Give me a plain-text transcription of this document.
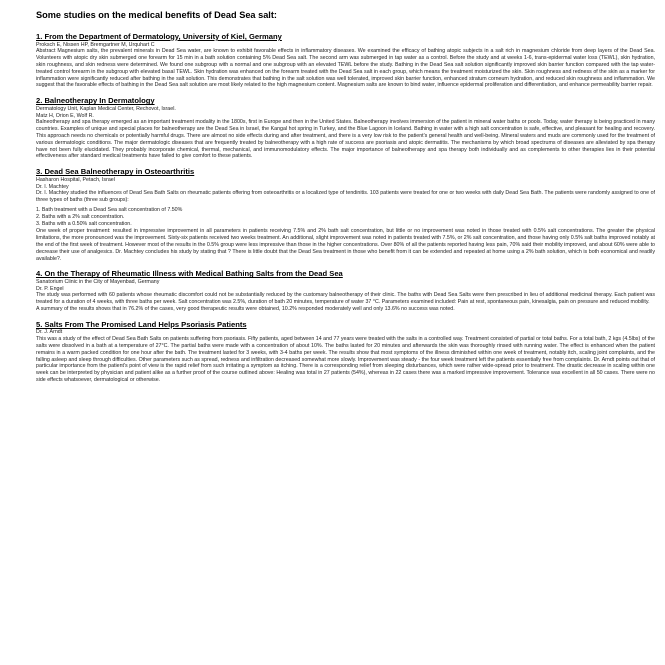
Some studies on the medical benefits of Dead Sea salt:
1. From the Department of Dermatology, University of Kiel, Germany
Proksch E, Nissen HP, Bremgartner M, Urquhart C
Abstract Magnesium salts, the prevalent minerals in Dead Sea water, are known to exhibit favorable effects in inflammatory diseases. We examined the efficacy of bathing atopic subjects in a salt rich in magnesium chloride from deep layers of the Dead Sea. Volunteers with atopic dry skin submerged one forearm for 15 min in a bath solution containing 5% Dead Sea salt. The second arm was submerged in tap water as a control. Before the study and at weeks 1-6, trans-epidermal water loss (TEWL), skin hydration, skin roughness, and skin redness were determined. We found one subgroup with a normal and one subgroup with an elevated TEWL before the study. Bathing in the Dead Sea salt solution significantly improved skin barrier function compared with the tap water-treated control forearm in the subgroup with elevated basal TEWL. Skin hydration was enhanced on the forearm treated with the Dead Sea salt in each group, which means the treatment moisturized the skin. Skin roughness and redness of the skin as a marker for inflammation were significantly reduced after bathing in the salt solution. This demonstrates that bathing in the salt solution was well tolerated, improved skin barrier function, enhanced stratum corneum hydration, and reduced skin roughness and inflammation. We suggest that the favorable effects of bathing in the Dead Sea salt solution are most likely related to the high magnesium content. Magnesium salts are known to bind water, influence epidermal proliferation and differentiation, and enhance permeability barrier repair.
2. Balneotherapy In Dermatology
Dermatology Unit, Kaplan Medical Center, Rechovot, Israel.
Matz H, Orion E, Wolf R.
Balneotherapy and spa therapy emerged as an important treatment modality in the 1800s, first in Europe and then in the United States. Balneotherapy involves immersion of the patient in mineral water baths or pools. Today, water therapy is being practiced in many countries. Examples of unique and special places for balneotherapy are the Dead Sea in Israel, the Kangal hot spring in Turkey, and the Blue Lagoon in Iceland. Bathing in water with a high salt concentration is safe, effective, and pleasant for healing and recovery. This approach needs no chemicals or potentially harmful drugs. There are almost no side effects during and after treatment, and there is a very low risk to the patient's general health and well-being. Mineral waters and muds are commonly used for the treatment of various dermatologic conditions. The major dermatologic diseases that are frequently treated by balneotherapy with a high rate of success are psoriasis and atopic dermatitis. The mechanisms by which broad spectrums of diseases are alleviated by spa therapy have not been fully elucidated. They probably incorporate chemical, thermal, mechanical, and immunomodulatory effects. The major importance of balneotherapy and spa therapy both individually and as complements to other therapies lies in their potential effectiveness after standard medical treatments have failed to give comfort to these patients.
3. Dead Sea Balneotherapy in Osteoarthritis
Hasharon Hospital, Petach, Israel
Dr. I. Machtey
Dr. I. Machtey studied the influences of Dead Sea Bath Salts on rheumatic patients offering from osteoarthritis or a localized type of tendinitis. 103 patients were treated for one or two weeks with daily Dead Sea Bath. The patients were randomly assigned to one of three types of baths (three sub groups):
1. Bath treatment with a Dead Sea salt concentration of 7.50%
2. Baths with a 2% salt concentration.
3. Baths with a 0.50% salt concentration.
One week of proper treatment: resulted in impressive improvement in all parameters in patients receiving 7.5% and 2% bath salt concentration, but little or no improvement was noted in those treated with 0.5% salt concentrations. The greater the physical limitations, the more pronounced was the improvement. Sixty-six patients received two weeks treatment. An additional, slight improvement was noted in patients treated with 7.5%, or 2% salt concentration, and those having only 0.5% salt baths improved notably at the end of the first week of treatment. However most of the results in the 0.5% group were less impressive than those in the higher concentrations. Over 80% of all the patients reported having less pain, 70% said their mobility improved, and about 60% were able to decrease their use of analgesics. Dr. Machtey concludes his study by stating that ? There is little doubt that the Dead Sea treatment in those who benefit from it can be extended and repeated at home using a 2% bath solution, which is both economical and readily available?.
4. On the Therapy of Rheumatic Illness with Medical Bathing Salts from the Dead Sea
Sanatorium Clinic in the City of Mayenbad, Germany
Dr. P. Engel
The study was performed with 60 patients whose rheumatic discomfort could not be substantially reduced by the customary balneotherapy of their clinic. The baths with Dead Sea Salts were then prescribed in lieu of additional medicinal therapy. Each patient was treated for a duration of 4 weeks, with three baths per week. Salt concentration was 2.5%, duration of bath 20 minutes, temperature of water 37 °C. Parameters examined included: Pain at rest, spontaneous pain, kinesalgia, pain on pressure and reduced mobility.
A summary of the results shows that in 76.2% of the cases, very good therapeutic results were obtained, 10.2% responded moderately well and only 13.6% no success was noted.
5. Salts From The Promised Land Helps Psoriasis Patients
Dr. J. Arndt
This was a study of the effect of Dead Sea Bath Salts on patients suffering from psoriasis. Fifty patients, aged between 14 and 77 years were treated with the salts in a controlled way. Treatment consisted of partial or total baths. For a total bath, 2 kgs (4.5lbs) of the salts were dissolved in a bath at a temperature of 27°C. The partial baths were made with a concentration of about 10%. The baths lasted for 20 minutes and afterwards the skin was thoroughly rinsed with running water. The effect is enhanced when the patient remains in a warm packed condition for one hour after the bath. The treatment lasted for 3 weeks, with 3-4 baths per week. The results show that most symptoms of the illness diminished within one week of treatment, notably itch, scaling joint complaints, and the falling asleep and sleep through difficulties. Other parameters such as spread, redness and infiltration decreased somewhat more slowly. Improvement was steady - the four week treatment left the patients essentially free from complaints. Dr. Arndt points out that of particular importance from the patient's point of view is the rapid relief from such irritating a symptom as itching. There is a corresponding relief from sleeping disturbances, which were rather wide-spread prior to treatment. The drastic decrease in scaling within one week can be interpreted by physician and patient alike as a further proof of the course outlined above: Healing was total in 27 patients (54%), whereas in 22 cases there was a marked impressive improvement. Tolerance was excellent in all 50 cases. There were no side effects whatsoever, dermatological or otherwise.
